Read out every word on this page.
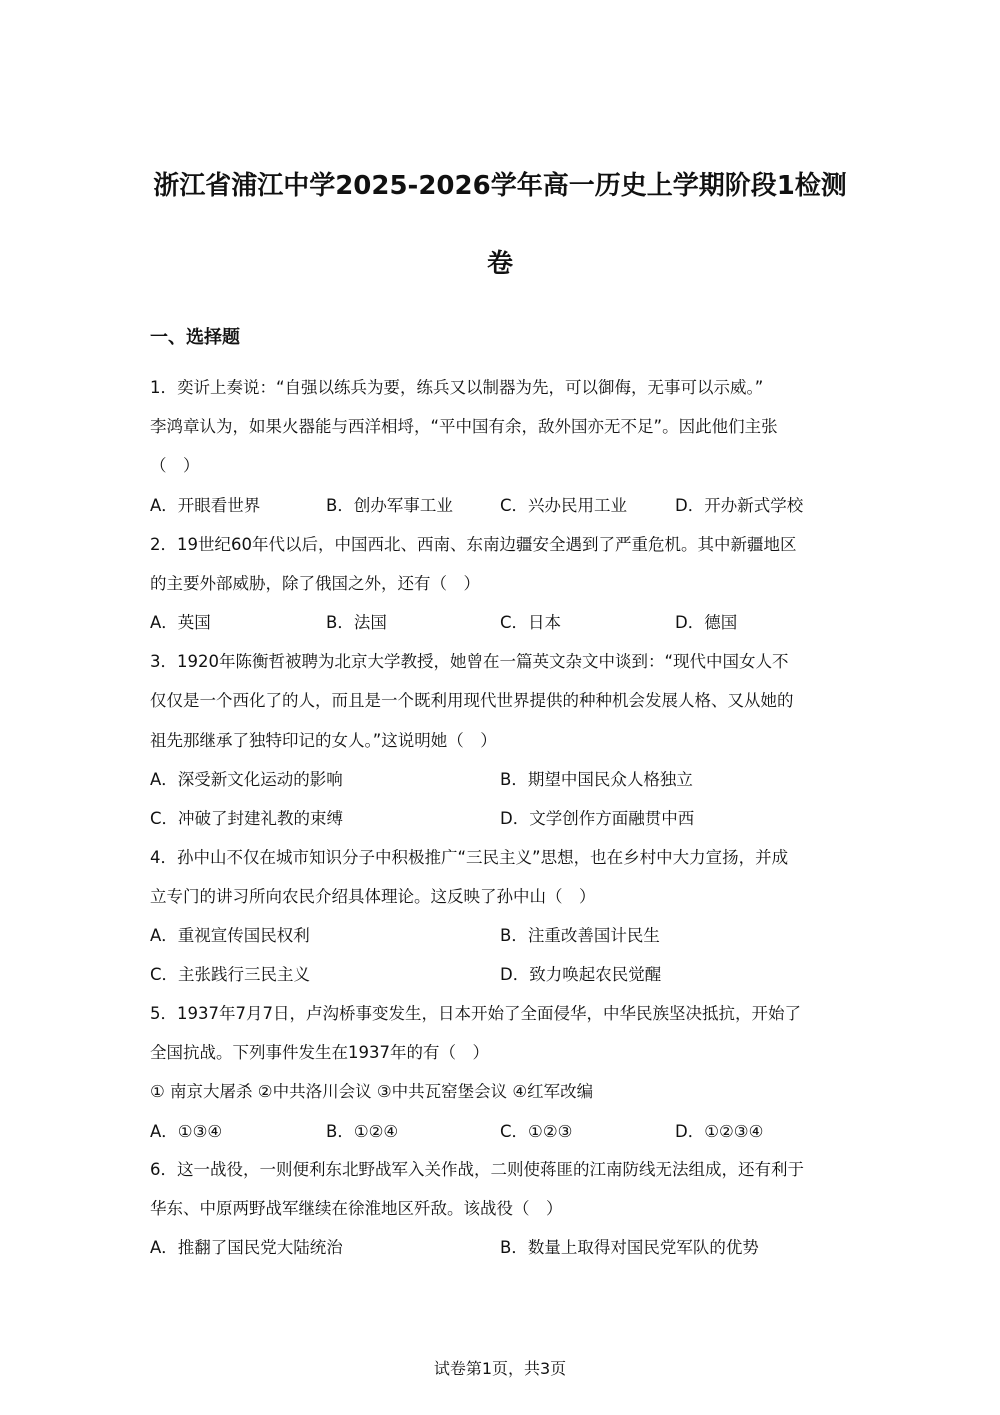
浙江省浦江中学2025-2026学年高一历史上学期阶段1检测
卷
一、选择题
1．奕䜣上奏说：“自强以练兵为要，练兵又以制器为先，可以御侮，无事可以示威。”
李鸿章认为，如果火器能与西洋相埒，“平中国有余，敌外国亦无不足”。因此他们主张
（　）
A．开眼看世界	B．创办军事工业	C．兴办民用工业	D．开办新式学校
2．19世纪60年代以后，中国西北、西南、东南边疆安全遇到了严重危机。其中新疆地区
的主要外部威胁，除了俄国之外，还有（　）
A．英国	B．法国	C．日本	D．德国
3．1920年陈衡哲被聘为北京大学教授，她曾在一篇英文杂文中谈到：“现代中国女人不
仅仅是一个西化了的人，而且是一个既利用现代世界提供的种种机会发展人格、又从她的
祖先那继承了独特印记的女人。”这说明她（　）
A．深受新文化运动的影响	B．期望中国民众人格独立
C．冲破了封建礼教的束缚	D．文学创作方面融贯中西
4．孙中山不仅在城市知识分子中积极推广“三民主义”思想，也在乡村中大力宣扬，并成
立专门的讲习所向农民介绍具体理论。这反映了孙中山（　）
A．重视宣传国民权利	B．注重改善国计民生
C．主张践行三民主义	D．致力唤起农民觉醒
5．1937年7月7日，卢沟桥事变发生，日本开始了全面侵华，中华民族坚决抵抗，开始了
全国抗战。下列事件发生在1937年的有（　）
① 南京大屠杀 ②中共洛川会议 ③中共瓦窑堡会议 ④红军改编
A．①③④	B．①②④	C．①②③	D．①②③④
6．这一战役，一则便利东北野战军入关作战，二则使蒋匪的江南防线无法组成，还有利于
华东、中原两野战军继续在徐淮地区歼敌。该战役（　）
A．推翻了国民党大陆统治	B．数量上取得对国民党军队的优势
试卷第1页，共3页
